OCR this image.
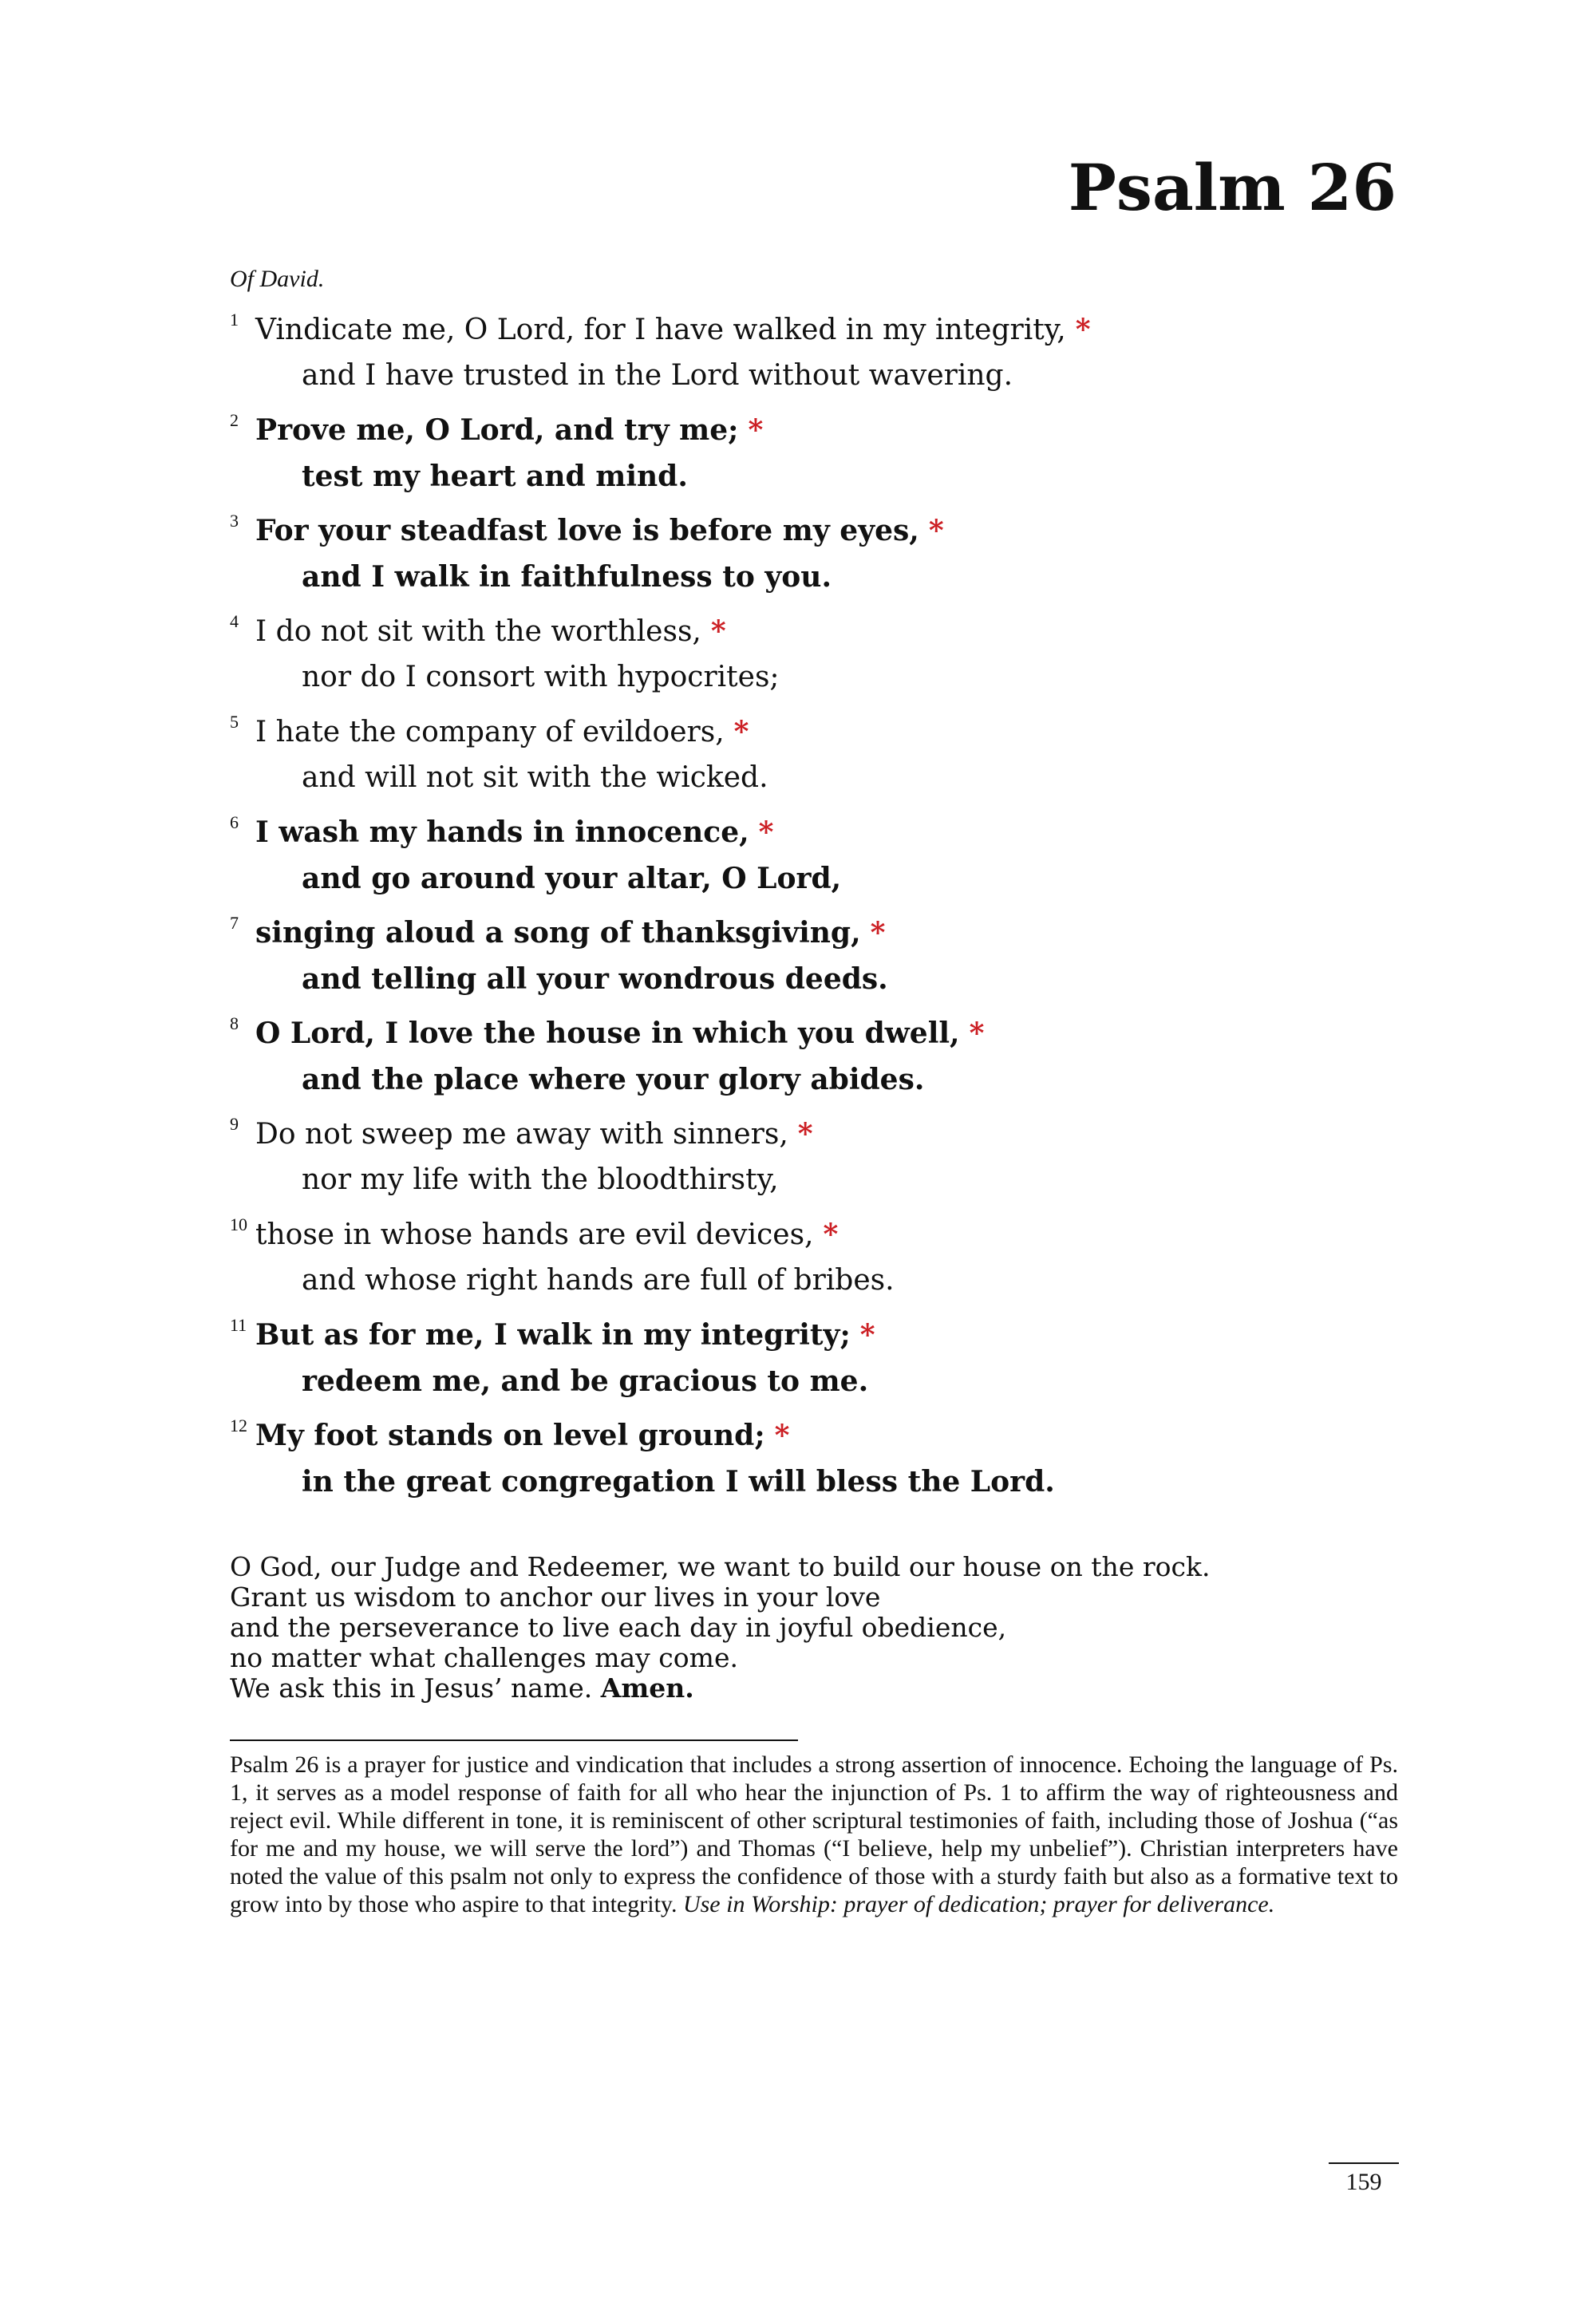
Psalm 26
Of David.
1 Vindicate me, O Lord, for I have walked in my integrity, *
and I have trusted in the Lord without wavering.
2 Prove me, O Lord, and try me; *
test my heart and mind.
3 For your steadfast love is before my eyes, *
and I walk in faithfulness to you.
4 I do not sit with the worthless, *
nor do I consort with hypocrites;
5 I hate the company of evildoers, *
and will not sit with the wicked.
6 I wash my hands in innocence, *
and go around your altar, O Lord,
7 singing aloud a song of thanksgiving, *
and telling all your wondrous deeds.
8 O Lord, I love the house in which you dwell, *
and the place where your glory abides.
9 Do not sweep me away with sinners, *
nor my life with the bloodthirsty,
10 those in whose hands are evil devices, *
and whose right hands are full of bribes.
11 But as for me, I walk in my integrity; *
redeem me, and be gracious to me.
12 My foot stands on level ground; *
in the great congregation I will bless the Lord.
O God, our Judge and Redeemer, we want to build our house on the rock.
Grant us wisdom to anchor our lives in your love
and the perseverance to live each day in joyful obedience,
no matter what challenges may come.
We ask this in Jesus’ name. Amen.
Psalm 26 is a prayer for justice and vindication that includes a strong assertion of innocence. Echoing the language of Ps. 1, it serves as a model response of faith for all who hear the injunction of Ps. 1 to affirm the way of righteousness and reject evil. While different in tone, it is reminiscent of other scriptural testimonies of faith, including those of Joshua (“as for me and my house, we will serve the lord”) and Thomas (“I believe, help my unbelief”). Christian interpreters have noted the value of this psalm not only to express the confidence of those with a sturdy faith but also as a formative text to grow into by those who aspire to that integrity. Use in Worship: prayer of dedication; prayer for deliverance.
159
